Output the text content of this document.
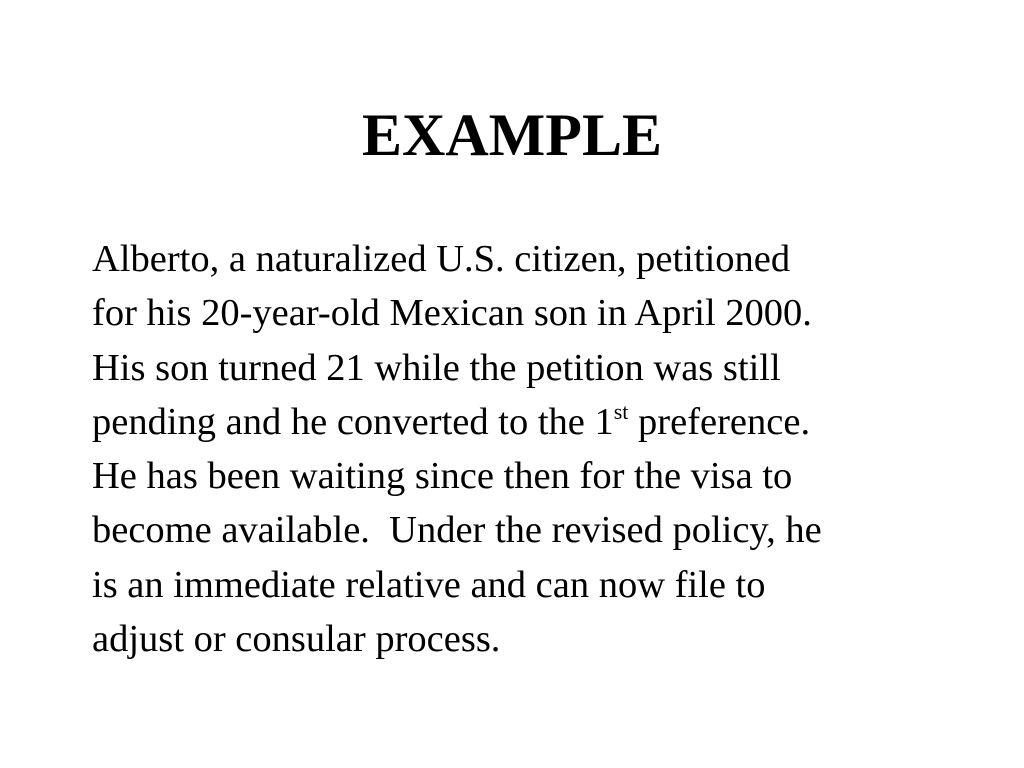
EXAMPLE
Alberto, a naturalized U.S. citizen, petitioned
for his 20-year-old Mexican son in April 2000.
His son turned 21 while the petition was still
pending and he converted to the 1st preference.
He has been waiting since then for the visa to
become available.  Under the revised policy, he
is an immediate relative and can now file to
adjust or consular process.
